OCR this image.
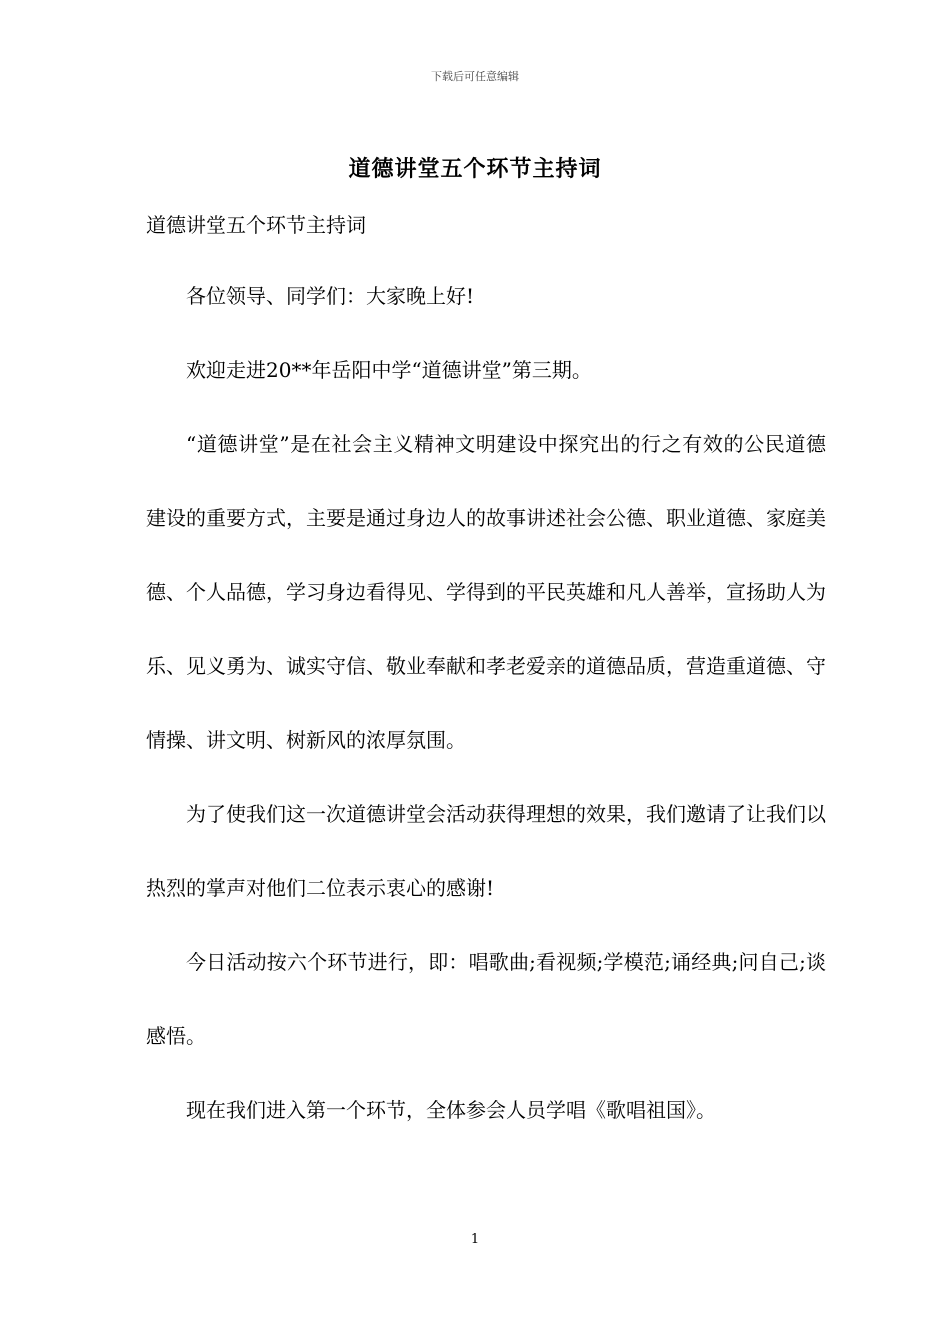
下载后可任意编辑
道德讲堂五个环节主持词

道德讲堂五个环节主持词

各位领导、同学们：大家晚上好!

欢迎走进20**年岳阳中学“道德讲堂”第三期。

“道德讲堂”是在社会主义精神文明建设中探究出的行之有效的公民道德建设的重要方式，主要是通过身边人的故事讲述社会公德、职业道德、家庭美德、个人品德，学习身边看得见、学得到的平民英雄和凡人善举，宣扬助人为乐、见义勇为、诚实守信、敬业奉献和孝老爱亲的道德品质，营造重道德、守情操、讲文明、树新风的浓厚氛围。

为了使我们这一次道德讲堂会活动获得理想的效果，我们邀请了让我们以热烈的掌声对他们二位表示衷心的感谢!

今日活动按六个环节进行，即：唱歌曲;看视频;学模范;诵经典;问自己;谈感悟。

现在我们进入第一个环节，全体参会人员学唱《歌唱祖国》。

1
